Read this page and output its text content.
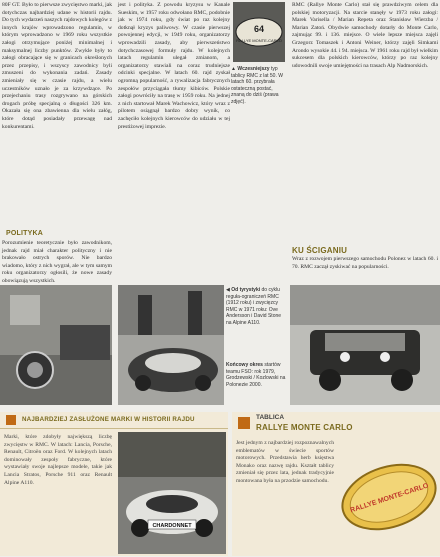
80F GT. Było to pierwsze zwycięstwo marki, jak dotychczas najbardziej udane w historii rajdu. Do tych wydarzeń naszych rajdowych kolegów z innych krajów wprowadzono regulamin, w którym wprowadzono w 1969 roku wszystkie załogi otrzymujące poniżej minimalnej i maksymalnej liczby punktów. Zwykle były to załogi obracające się w granicach określonych przez przepisy, i wszyscy zawodnicy byli zmuszeni do wykonania zadań. Zasady zmieniały się w czasie rajdu, a wielu uczestników uznało je za krzywdzące. Po przejechaniu trasy rozgrywano na górskich drogach próbę specjalną o długości 326 km. Okazała się ona zbawienna dla wielu załóg, które dotąd posiadały przewagę nad konkurentami.
POLITYKA
Porozumienie teoretycznie było zawodnikom, jednak rajd miał charakter polityczny i nie brakowało ostrych sporów. Nie bardzo wiadomo, który z nich wygrał, ale w tym samym roku organizatorzy ogłosili, że nowe zasady obowiązują wszystkich.
jest i polityka. Z powodu kryzysu w Kanale Sueskim, w 1957 roku odwołano RMC, podobnie jak w 1974 roku, gdy świat po raz kolejny dotknął kryzys paliwowy. W czasie pierwszej powojennej edycji, w 1949 roku, organizatorzy wprowadzili zasady, aby pierwszeństwo dotychczasowej formuły rajdu. W kolejnych latach regulamin ulegał zmianom, a organizatorzy stawiali na coraz trudniejsze odcinki specjalne. W latach 60. rajd zyskał ogromną popularność, a rywalizacja fabrycznych zespołów przyciągała tłumy kibiców. Polskie załogi powróciły na trasę w 1959 roku. Na jednej z nich startował Marek Wachowicz, który wraz z pilotem osiągnął bardzo dobry wynik, co zachęciło kolejnych kierowców do udziału w tej prestiżowej imprezie.
64
RALLYE MONTE-CARLO
▲ Wczesniejszy typ tablicy RMC z lat 50. W latach 60. przybrała ostateczną postać, znaną do dziś (prawa zdjęć).
RMC (Rallye Monte Carlo) stał się prawdziwym celem dla polskiej motoryzacji. Na starcie stanęły w 1973 roku załogi: Marek Varisella / Marian Repeta oraz Stanisław Wierzba / Marian Zatoń. Obydwie samochody dotarły do Monte Carlo, zajmując 99. i 136. miejsce. O wiele lepsze miejsca zajęli Grzegorz Tomaszek i Antoni Weiner, którzy zajęli Simkami Arondo wysokie 44. i 94. miejsca. W 1961 roku rajd był wielkim sukcesem dla polskich kierowców, którzy po raz kolejny udowodnili swoje umiejętności na trasach Alp Nadmorskich.
KU ŚCIGANIU
Wraz z rozwojem pierwszego samochodu Polonez w latach 60. i 70. RMC zaczął zyskiwać na popularności.
◀ Od tyrystyki do cyklu reguła-ograniczeń RMC (1912 roku) i zwycięzcy RMC w 1971 roku: Ove Andersson i David Stone na Alpine A110.
Końcowy okres startów teamu FSO: rok 1979, Grodzewski / Kozlowski na Polonezie 2000.
NAJBARDZIEJ ZASŁUŻONE MARKI W HISTORII RAJDU
Marki, które zdobyły największą liczbę zwycięstw w RMC. W latach: Lancia, Porsche, Renault, Citroën oraz Ford. W kolejnych latach dominowały zespoły fabryczne, które wystawiały swoje najlepsze modele, takie jak Lancia Stratos, Porsche 911 oraz Renault Alpine A110.
CHARDONNET
TABLICA
RALLYE MONTE CARLO
Jest jednym z najbardziej rozpoznawalnych emblematów w świecie sportów motorowych. Przedstawia herb księstwa Monako oraz nazwę rajdu. Kształt tablicy zmieniał się przez lata, jednak tradycyjnie montowana była na przodzie samochodu.
RALLYE MONTE-CARLO
